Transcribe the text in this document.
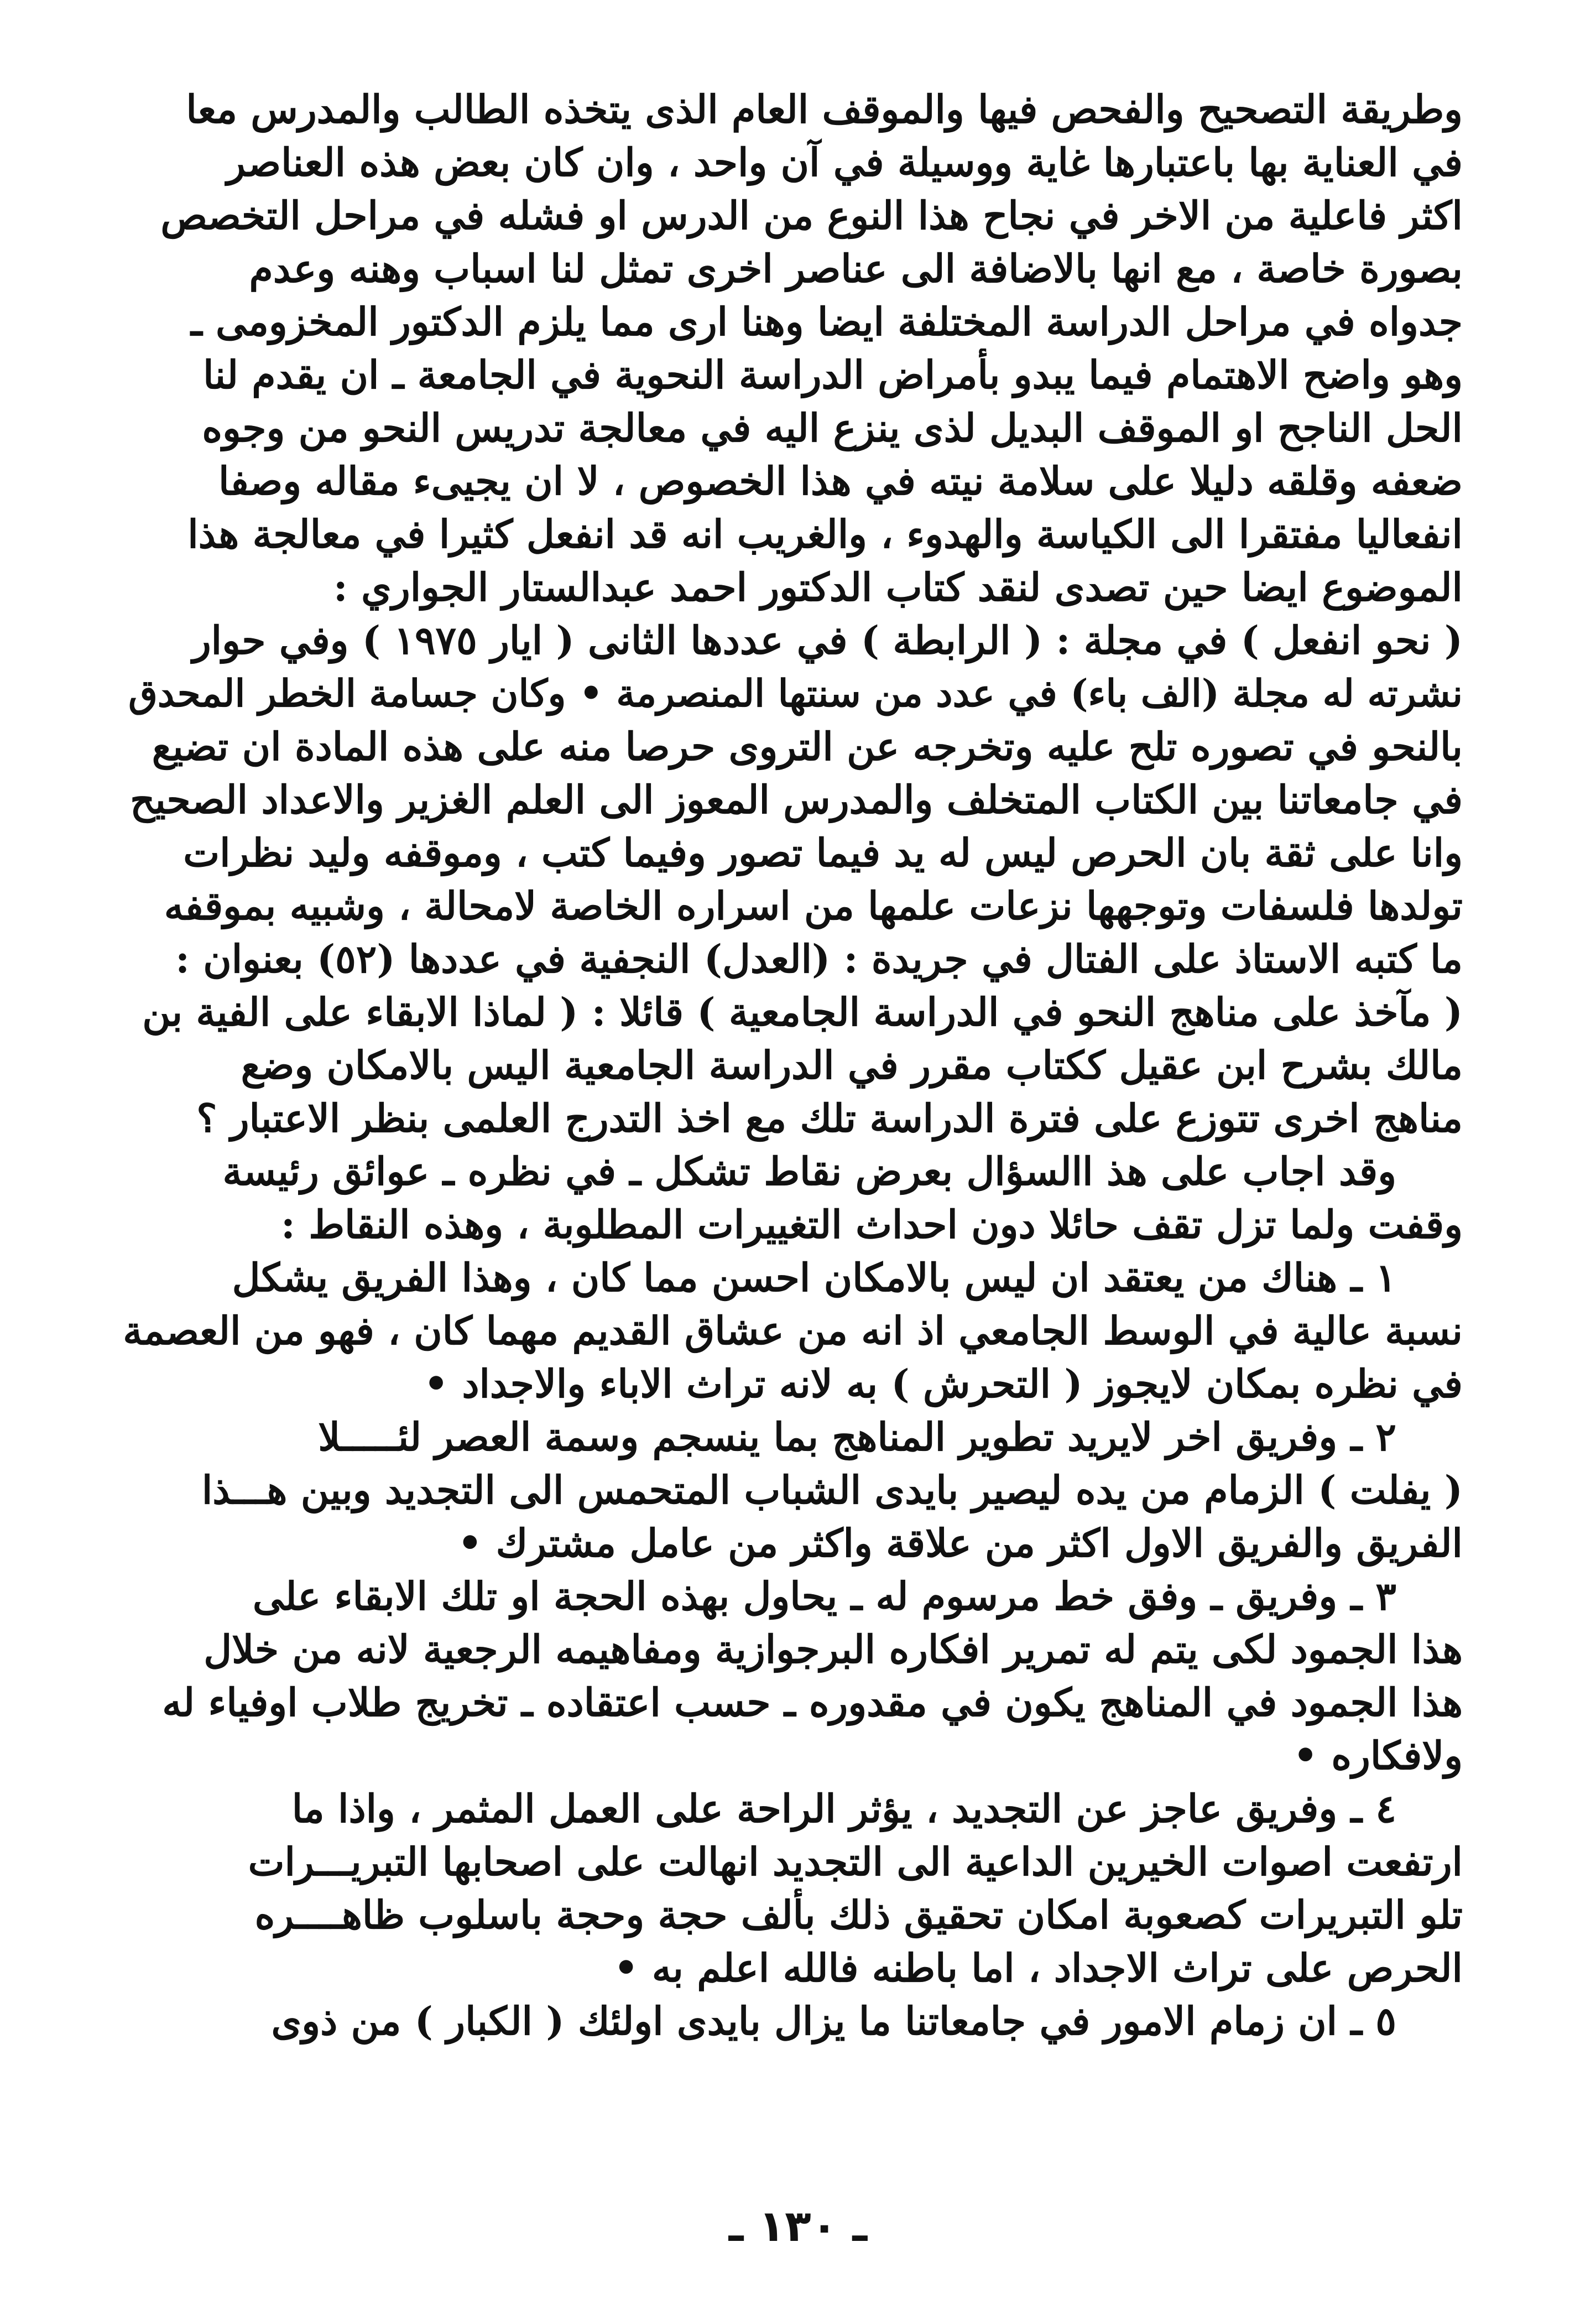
وطريقة التصحيح والفحص فيها والموقف العام الذى يتخذه الطالب والمدرس معا
في العناية بها باعتبارها غاية ووسيلة في آن واحد ، وان كان بعض هذه العناصر
اكثر فاعلية من الاخر في نجاح هذا النوع من الدرس او فشله في مراحل التخصص
بصورة خاصة ، مع انها بالاضافة الى عناصر اخرى تمثل لنا اسباب وهنه وعدم
جدواه في مراحل الدراسة المختلفة ايضا وهنا ارى مما يلزم الدكتور المخزومى ـ
وهو واضح الاهتمام فيما يبدو بأمراض الدراسة النحوية في الجامعة ـ ان يقدم لنا
الحل الناجح او الموقف البديل لذى ينزع اليه في معالجة تدريس النحو من وجوه
ضعفه وقلقه دليلا على سلامة نيته في هذا الخصوص ، لا ان يجيىء مقاله وصفا
انفعاليا مفتقرا الى الكياسة والهدوء ، والغريب انه قد انفعل كثيرا في معالجة هذا
الموضوع ايضا حين تصدى لنقد كتاب الدكتور احمد عبدالستار الجواري :
( نحو انفعل ) في مجلة : ( الرابطة ) في عددها الثانى ( ايار ١٩٧٥ ) وفي حوار
نشرته له مجلة (الف باء) في عدد من سنتها المنصرمة • وكان جسامة الخطر المحدق
بالنحو في تصوره تلح عليه وتخرجه عن التروى حرصا منه على هذه المادة ان تضيع
في جامعاتنا بين الكتاب المتخلف والمدرس المعوز الى العلم الغزير والاعداد الصحيح
وانا على ثقة بان الحرص ليس له يد فيما تصور وفيما كتب ، وموقفه وليد نظرات
تولدها فلسفات وتوجهها نزعات علمها من اسراره الخاصة لامحالة ، وشبيه بموقفه
ما كتبه الاستاذ على الفتال في جريدة : (العدل) النجفية في عددها (٥٢) بعنوان :
( مآخذ على مناهج النحو في الدراسة الجامعية ) قائلا : ( لماذا الابقاء على الفية بن
مالك بشرح ابن عقيل ككتاب مقرر في الدراسة الجامعية اليس بالامكان وضع
مناهج اخرى تتوزع على فترة الدراسة تلك مع اخذ التدرج العلمى بنظر الاعتبار ؟
وقد اجاب على هذ االسؤال بعرض نقاط تشكل ـ في نظره ـ عوائق رئيسة
وقفت ولما تزل تقف حائلا دون احداث التغييرات المطلوبة ، وهذه النقاط :
١ ـ هناك من يعتقد ان ليس بالامكان احسن مما كان ، وهذا الفريق يشكل
نسبة عالية في الوسط الجامعي اذ انه من عشاق القديم مهما كان ، فهو من العصمة
في نظره بمكان لايجوز ( التحرش ) به لانه تراث الاباء والاجداد •
٢ ـ وفريق اخر لايريد تطوير المناهج بما ينسجم وسمة العصر لئـــــلا
( يفلت ) الزمام من يده ليصير بايدى الشباب المتحمس الى التجديد وبين هـــذا
الفريق والفريق الاول اكثر من علاقة واكثر من عامل مشترك •
٣ ـ وفريق ـ وفق خط مرسوم له ـ يحاول بهذه الحجة او تلك الابقاء على
هذا الجمود لكى يتم له تمرير افكاره البرجوازية ومفاهيمه الرجعية لانه من خلال
هذا الجمود في المناهج يكون في مقدوره ـ حسب اعتقاده ـ تخريج طلاب اوفياء له
ولافكاره •
٤ ـ وفريق عاجز عن التجديد ، يؤثر الراحة على العمل المثمر ، واذا ما
ارتفعت اصوات الخيرين الداعية الى التجديد انهالت على اصحابها التبريـــرات
تلو التبريرات كصعوبة امكان تحقيق ذلك بألف حجة وحجة باسلوب ظاهــــره
الحرص على تراث الاجداد ، اما باطنه فالله اعلم به •
٥ ـ ان زمام الامور في جامعاتنا ما يزال بايدى اولئك ( الكبار ) من ذوى
ـ ١٣٠ ـ
